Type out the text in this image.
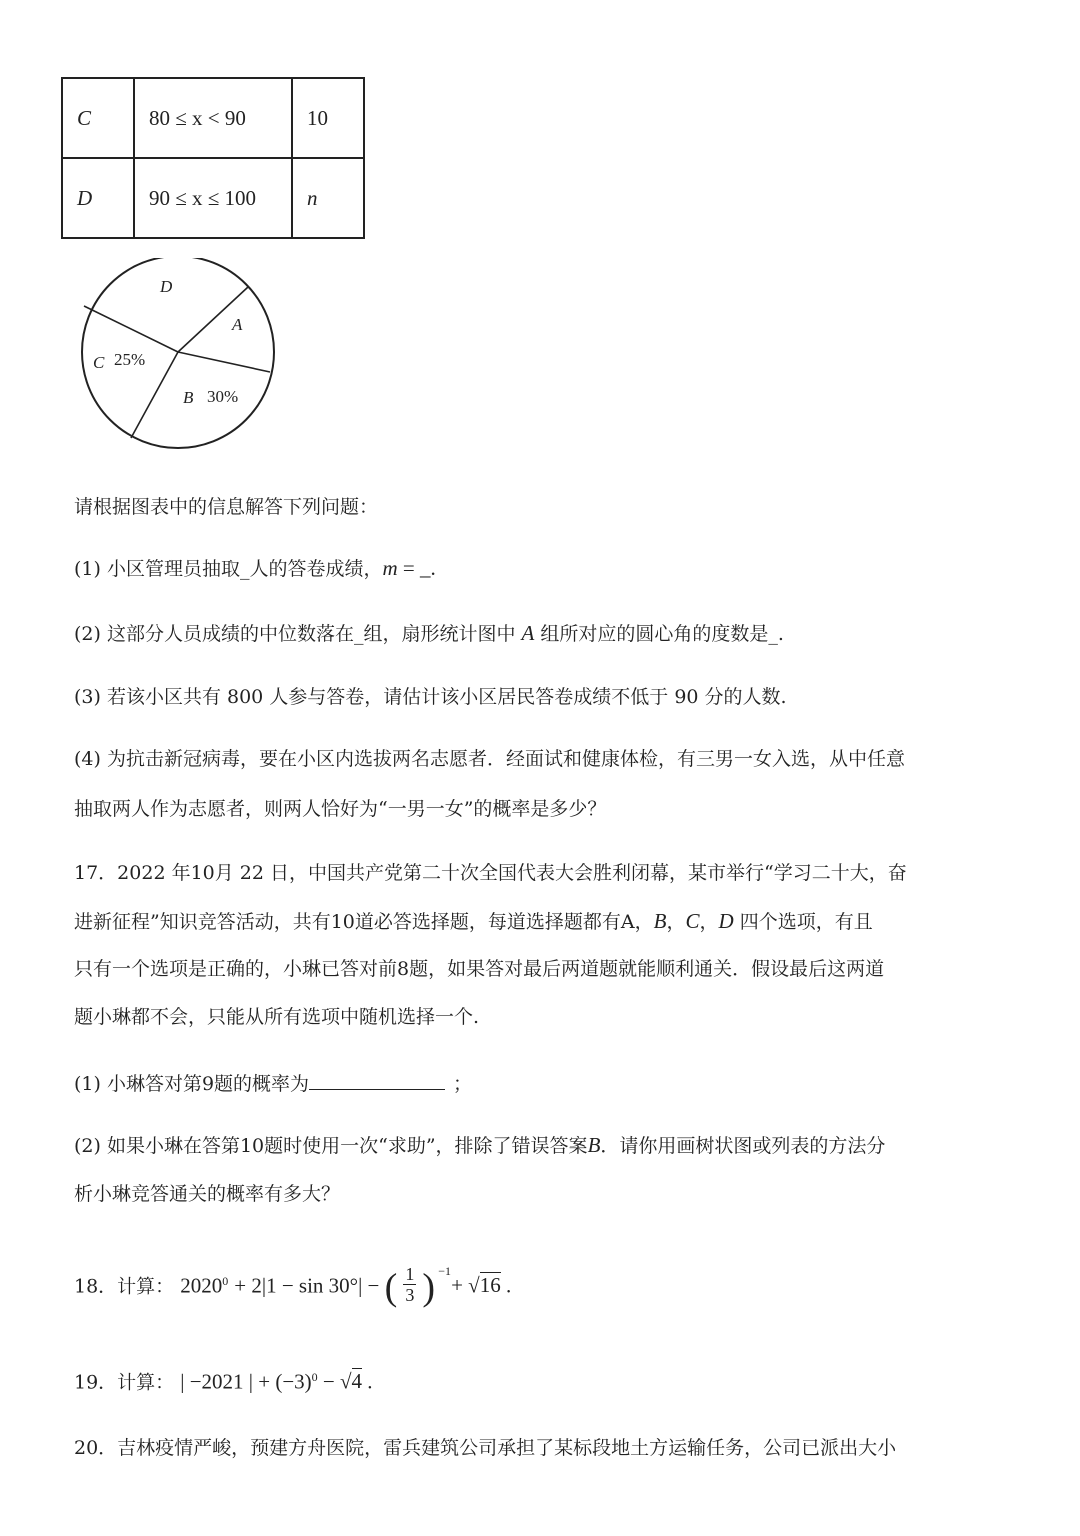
C	80 ≤ x < 90	10
D	90 ≤ x ≤ 100	n
D
A
C 25%
B 30%
请根据图表中的信息解答下列问题：
(1) 小区管理员抽取_人的答卷成绩，m = _.
(2) 这部分人员成绩的中位数落在_组，扇形统计图中 A 组所对应的圆心角的度数是_.
(3) 若该小区共有 800 人参与答卷，请估计该小区居民答卷成绩不低于 90 分的人数.
(4) 为抗击新冠病毒，要在小区内选拔两名志愿者．经面试和健康体检，有三男一女入选，从中任意
抽取两人作为志愿者，则两人恰好为“一男一女”的概率是多少？
17．2022 年10月 22 日，中国共产党第二十次全国代表大会胜利闭幕，某市举行“学习二十大，奋
进新征程”知识竞答活动，共有10道必答选择题，每道选择题都有A，B，C，D 四个选项，有且
只有一个选项是正确的，小琳已答对前8题，如果答对最后两道题就能顺利通关．假设最后这两道
题小琳都不会，只能从所有选项中随机选择一个.
(1) 小琳答对第9题的概率为	；
(2) 如果小琳在答第10题时使用一次“求助”，排除了错误答案B．请你用画树状图或列表的方法分
析小琳竞答通关的概率有多大？
18．计算： $2020^0 + 2|1 - \sin 30^\circ|$ − ( $\frac{1}{3}$ ) −1
+ √16 .
19．计算： | −2021 | + $(-3)^0 - √4$ .
20．吉林疫情严峻，预建方舟医院，雷兵建筑公司承担了某标段地土方运输任务，公司已派出大小
